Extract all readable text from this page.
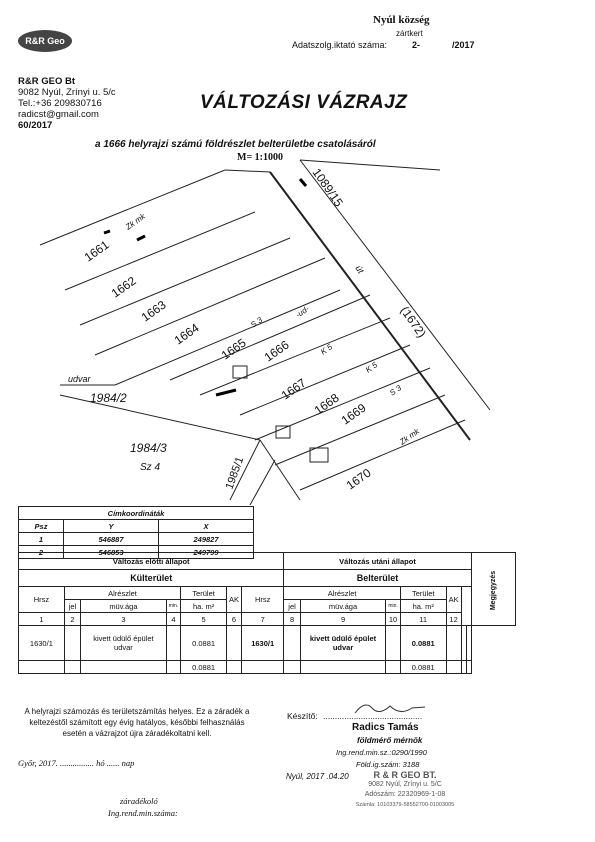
Nyúl község
zártkert
Adatszolg.iktató száma:	2-	/2017
R&R Geo

R&R GEO Bt

9082 Nyúl, Zrínyi u. 5/c

Tel.:+36 209830716

radicst@gmail.com

60/2017

VÁLTOZÁSI VÁZRAJZ
a 1666 helyrajzi számú földrészlet belterületbe csatolásáról
M= 1:1000
1661
Zk mk
1662
1663
1664
1665 1666
1667
1668
1669
1670
1089/15
út
(1672)
udvar
1984/2
1984/3
Sz 4	1985/1
S 3
-ud-
K 5
K 5
S 3
Zk mk
Címkoordináták		
Psz	Y	X
1	546887	249827
2	546853	249799
Változás előtti állapot							Változás utáni állapot							Megjegyzés
Külterület							Belterület							
Hrsz	Alrészlet			Terület	AK	Hrsz	Alrészlet			Terület	AK			
	jel	müv.ága	min.	ha. m²			jel	müv.ága	min.	ha. m²				
1	2	3	4	5	6	7	8	9	10	11	12		
1630/1		kivett üdülő épület udvar		0.0881		1630/1		kivett üdülő épület udvar		0.0881				
				0.0881						0.0881				
A helyrajzi számozás és területszámítás helyes. Ez a záradék a keltezéstől számított egy évig hatályos, későbbi felhasználás esetén a vázrajzot újra záradékoltatni kell.
Győr, 2017. ................ hó ...... nap
záradékoló
Ing.rend.min.száma:
Készítő: ..........................................
Radics Tamás
földmérő mérnök
Ing.rend.min.sz.:0290/1990
Föld.ig.szám: 3188
Nyúl, 2017 .04.20	R & R GEO BT.
9082 Nyúl, Zrínyi u. 5/C
Adószám: 22320969-1-08
Számla: 10103379-58552700-01003005
